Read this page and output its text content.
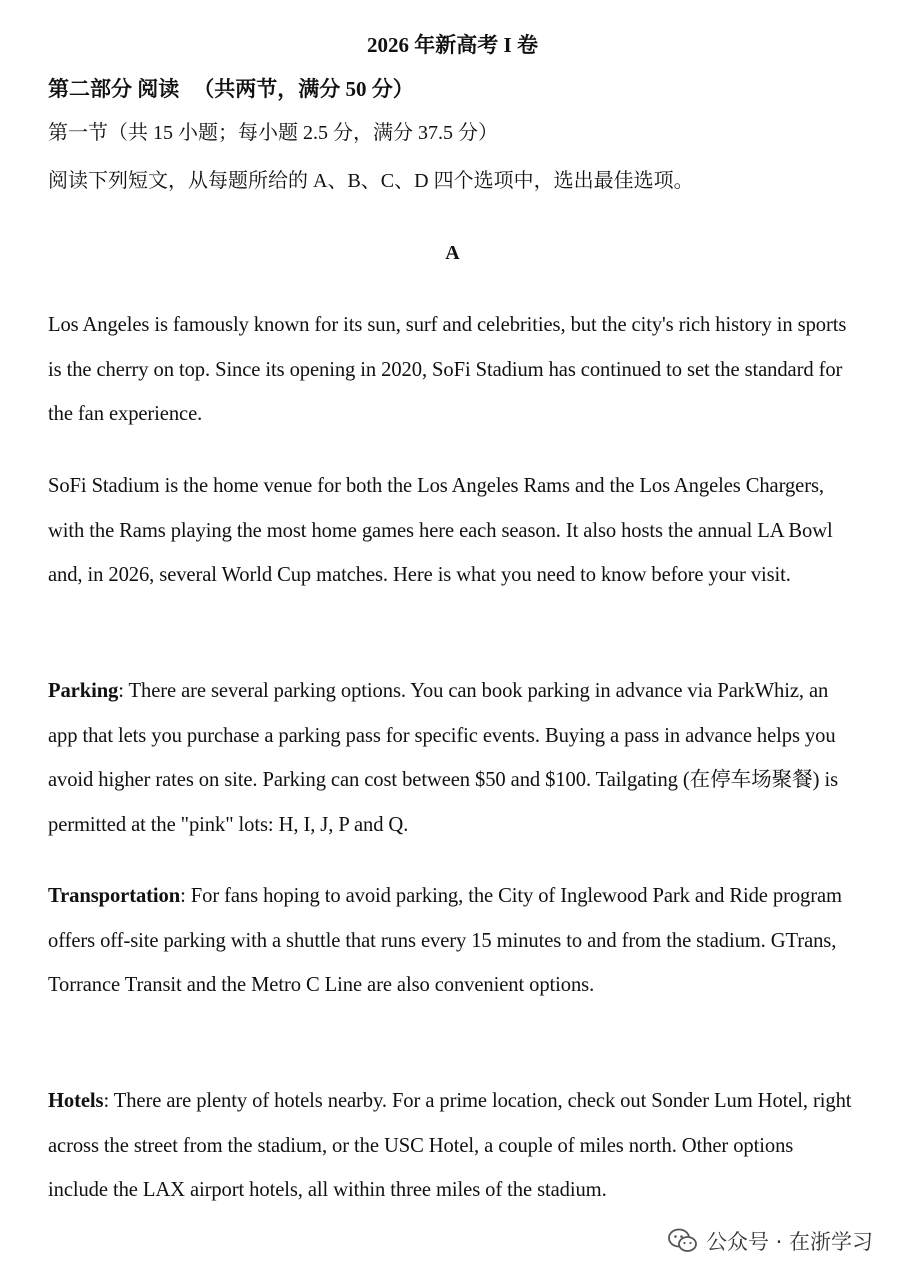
2026 年新高考 I 卷
第二部分 阅读 （共两节，满分 50 分）
第一节（共 15 小题；每小题 2.5 分，满分 37.5 分）
阅读下列短文，从每题所给的 A、B、C、D 四个选项中，选出最佳选项。
A

Los Angeles is famously known for its sun, surf and celebrities, but the city's rich history in sports is the cherry on top. Since its opening in 2020, SoFi Stadium has continued to set the standard for the fan experience.

SoFi Stadium is the home venue for both the Los Angeles Rams and the Los Angeles Chargers, with the Rams playing the most home games here each season. It also hosts the annual LA Bowl and, in 2026, several World Cup matches. Here is what you need to know before your visit.

Parking: There are several parking options. You can book parking in advance via ParkWhiz, an app that lets you purchase a parking pass for specific events. Buying a pass in advance helps you avoid higher rates on site. Parking can cost between $50 and $100. Tailgating (在停车场聚餐) is permitted at the "pink" lots: H, I, J, P and Q.

Transportation: For fans hoping to avoid parking, the City of Inglewood Park and Ride program offers off-site parking with a shuttle that runs every 15 minutes to and from the stadium. GTrans, Torrance Transit and the Metro C Line are also convenient options.

Hotels: There are plenty of hotels nearby. For a prime location, check out Sonder Lum Hotel, right across the street from the stadium, or the USC Hotel, a couple of miles north. Other options include the LAX airport hotels, all within three miles of the stadium.

公众号 · 在浙学习
